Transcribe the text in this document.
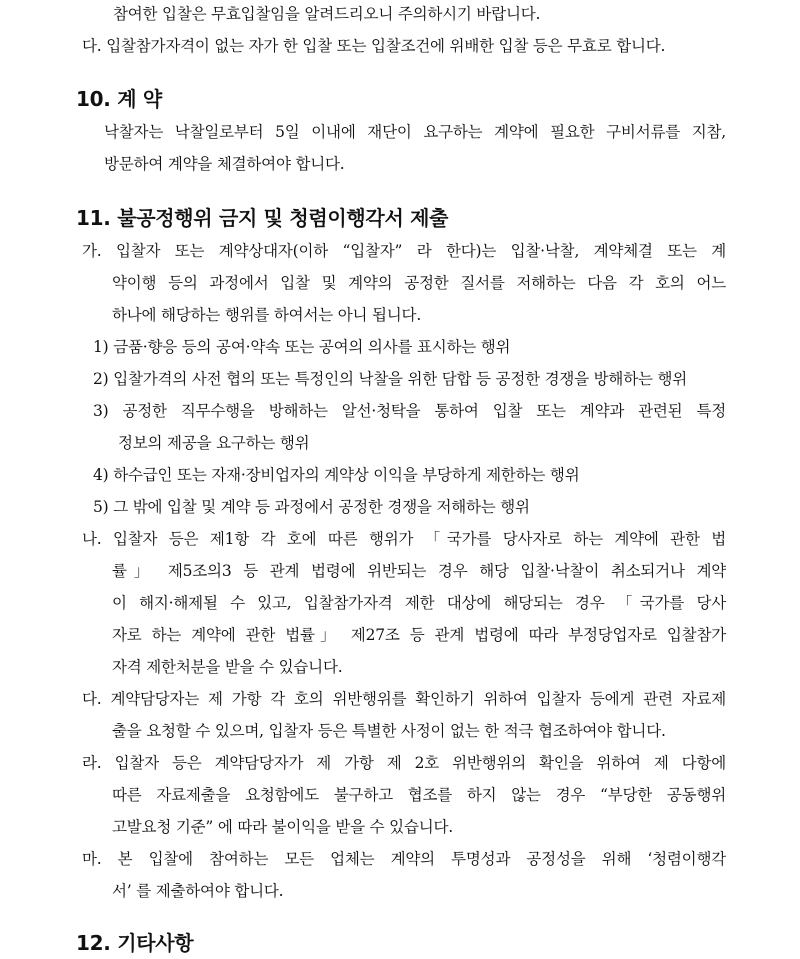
참여한 입찰은 무효입찰임을 알려드리오니 주의하시기 바랍니다.
다. 입찰참가자격이 없는 자가 한 입찰 또는 입찰조건에 위배한 입찰 등은 무효로 합니다.
10. 계 약
낙찰자는 낙찰일로부터 5일 이내에 재단이 요구하는 계약에 필요한 구비서류를 지참,
방문하여 계약을 체결하여야 합니다.
11. 불공정행위 금지 및 청렴이행각서 제출
가. 입찰자 또는 계약상대자(이하 “입찰자” 라 한다)는 입찰·낙찰, 계약체결 또는 계
약이행 등의 과정에서 입찰 및 계약의 공정한 질서를 저해하는 다음 각 호의 어느
하나에 해당하는 행위를 하여서는 아니 됩니다.
1) 금품·향응 등의 공여·약속 또는 공여의 의사를 표시하는 행위
2) 입찰가격의 사전 협의 또는 특정인의 낙찰을 위한 담합 등 공정한 경쟁을 방해하는 행위
3) 공정한 직무수행을 방해하는 알선·청탁을 통하여 입찰 또는 계약과 관련된 특정
정보의 제공을 요구하는 행위
4) 하수급인 또는 자재·장비업자의 계약상 이익을 부당하게 제한하는 행위
5) 그 밖에 입찰 및 계약 등 과정에서 공정한 경쟁을 저해하는 행위
나. 입찰자 등은 제1항 각 호에 따른 행위가 「국가를 당사자로 하는 계약에 관한 법
률」 제5조의3 등 관계 법령에 위반되는 경우 해당 입찰·낙찰이 취소되거나 계약
이 해지·해제될 수 있고, 입찰참가자격 제한 대상에 해당되는 경우 「국가를 당사
자로 하는 계약에 관한 법률」 제27조 등 관계 법령에 따라 부정당업자로 입찰참가
자격 제한처분을 받을 수 있습니다.
다. 계약담당자는 제 가항 각 호의 위반행위를 확인하기 위하여 입찰자 등에게 관련 자료제
출을 요청할 수 있으며, 입찰자 등은 특별한 사정이 없는 한 적극 협조하여야 합니다.
라. 입찰자 등은 계약담당자가 제 가항 제 2호 위반행위의 확인을 위하여 제 다항에
따른 자료제출을 요청함에도 불구하고 협조를 하지 않는 경우 “부당한 공동행위
고발요청 기준” 에 따라 불이익을 받을 수 있습니다.
마. 본 입찰에 참여하는 모든 업체는 계약의 투명성과 공정성을 위해 ‘청렴이행각
서’ 를 제출하여야 합니다.
12. 기타사항
